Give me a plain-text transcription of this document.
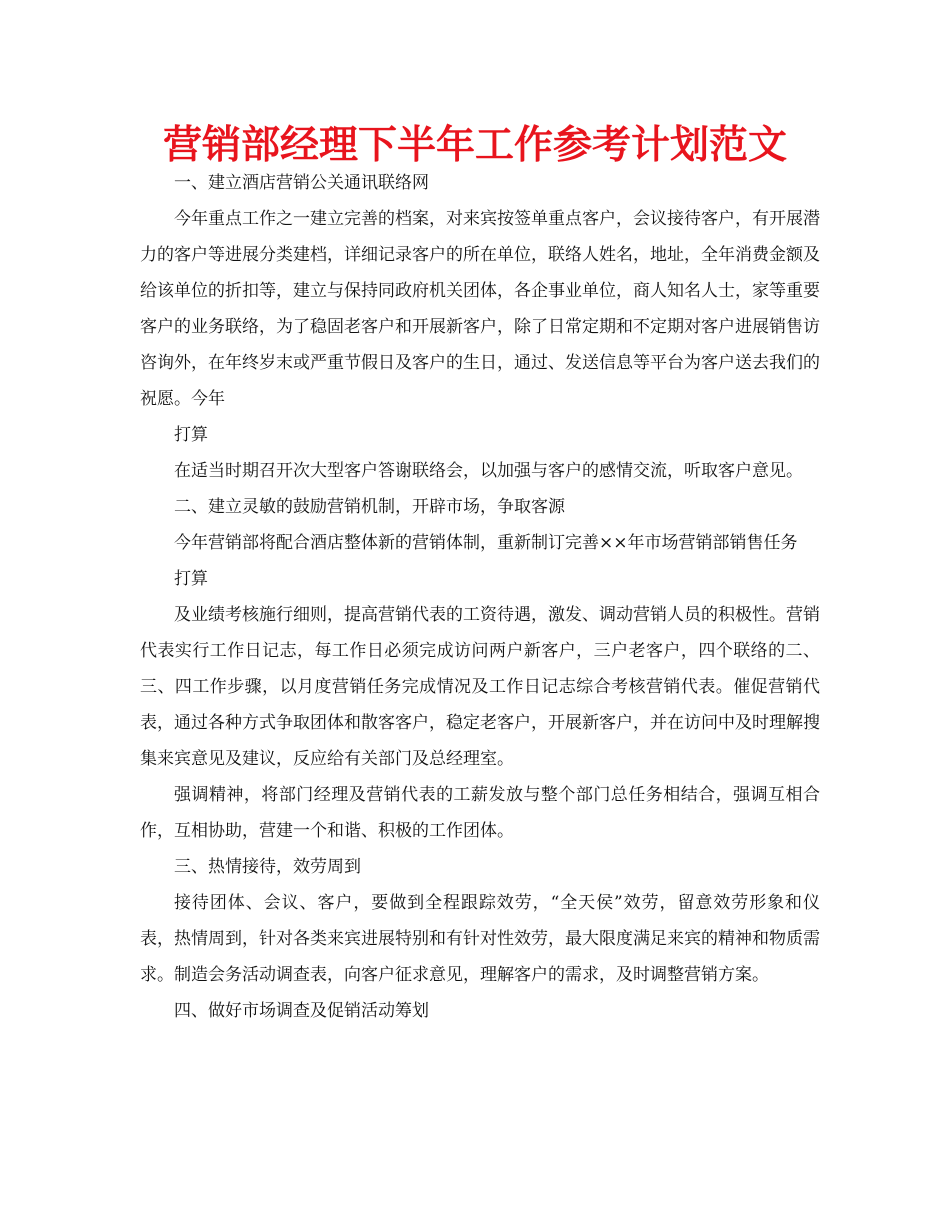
营销部经理下半年工作参考计划范文

一、建立酒店营销公关通讯联络网

今年重点工作之一建立完善的档案，对来宾按签单重点客户，会议接待客户，有开展潜力的客户等进展分类建档，详细记录客户的所在单位，联络人姓名，地址，全年消费金额及给该单位的折扣等，建立与保持同政府机关团体，各企事业单位，商人知名人士，家等重要客户的业务联络，为了稳固老客户和开展新客户，除了日常定期和不定期对客户进展销售访咨询外，在年终岁末或严重节假日及客户的生日，通过、发送信息等平台为客户送去我们的祝愿。今年

打算

在适当时期召开次大型客户答谢联络会，以加强与客户的感情交流，听取客户意见。

二、建立灵敏的鼓励营销机制，开辟市场，争取客源

今年营销部将配合酒店整体新的营销体制，重新制订完善××年市场营销部销售任务

打算

及业绩考核施行细则，提高营销代表的工资待遇，激发、调动营销人员的积极性。营销代表实行工作日记志，每工作日必须完成访问两户新客户，三户老客户，四个联络的二、三、四工作步骤，以月度营销任务完成情况及工作日记志综合考核营销代表。催促营销代表，通过各种方式争取团体和散客客户，稳定老客户，开展新客户，并在访问中及时理解搜集来宾意见及建议，反应给有关部门及总经理室。

强调精神，将部门经理及营销代表的工薪发放与整个部门总任务相结合，强调互相合作，互相协助，营建一个和谐、积极的工作团体。

三、热情接待，效劳周到

接待团体、会议、客户，要做到全程跟踪效劳，“全天侯”效劳，留意效劳形象和仪表，热情周到，针对各类来宾进展特别和有针对性效劳，最大限度满足来宾的精神和物质需求。制造会务活动调查表，向客户征求意见，理解客户的需求，及时调整营销方案。

四、做好市场调查及促销活动筹划
